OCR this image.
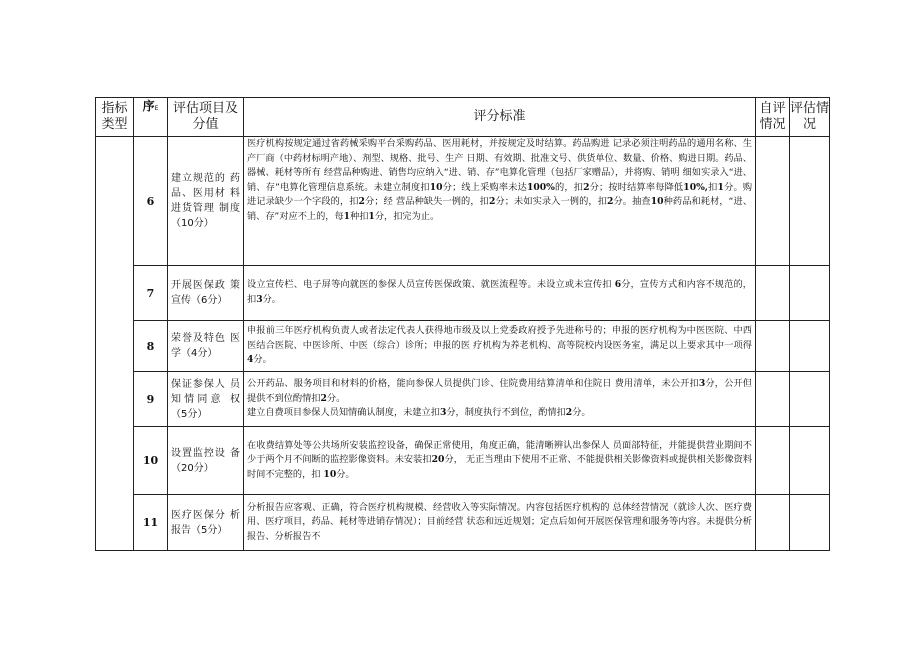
指标类型	序E	评估项目及分值	评分标准	自评情况	评估情况
	6	建立规范的 药品、医用材 料进货管理 制度（10分）	医疗机构按规定通过省药械采购平台采购药品、医用耗材，并按规定及时结算。药品购进 记录必须注明药品的通用名称、生产厂商（中药材标明产地）、剂型、规格、批号、生产 日期、有效期、批准文号、供货单位、数量、价格、购进日期。药品、器械、耗材等所有 经营品种购进、销售均应纳入“进、销、存”电算化管理（包括厂家赠品），并将购、销明 细如实录入“进、销、存”电算化管理信息系统。未建立制度扣10分；线上采购率未达100%的，扣2分；按时结算率每降低10%,扣1分。购进记录缺少一个字段的，扣2分；经 营品种缺失一例的，扣2分；未如实录入一例的，扣2分。抽查10种药品和耗材，“进、 销、存”对应不上的，每1种扣1分，扣完为止。		
	7	开展医保政 策宣传（6分）	设立宣传栏、电子屏等向就医的参保人员宣传医保政策、就医流程等。未设立或未宣传扣 6分，宣传方式和内容不规范的，扣3分。		
	8	荣誉及特色 医学（4分）	申报前三年医疗机构负责人或者法定代表人获得地市级及以上党委政府授予先进称号的；申报的医疗机构为中医医院、中西医结合医院、中医诊所、中医（综合）诊所；申报的医 疗机构为养老机构、高等院校内设医务室，满足以上要求其中一项得4分。		
	9	保证参保人 员知情同意 权（5分）	公开药品、服务项目和材料的价格，能向参保人员提供门诊、住院费用结算清单和住院日 费用清单，未公开扣3分，公开但提供不到位酌情扣2分。
建立自费项目参保人员知情确认制度，未建立扣3分，制度执行不到位，酌情扣2分。		
	10	设置监控设 备（20分）	在收费结算处等公共场所安装监控设备，确保正常使用，角度正确，能清晰辨认出参保人 员面部特征，并能提供营业期间不少于两个月不间断的监控影像资料。未安装扣20分， 无正当理由下使用不正常、不能提供相关影像资料或提供相关影像资料时间不完整的，扣 10分。		
	11	医疗医保分 析报告（5分）	分析报告应客观、正确，符合医疗机构规模、经营收入等实际情况。内容包括医疗机构的 总体经营情况（就诊人次、医疗费用、医疗项目，药品、耗材等进销存情况）；目前经营 状态和远近规划；定点后如何开展医保管理和服务等内容。未提供分析报告、分析报告不		
